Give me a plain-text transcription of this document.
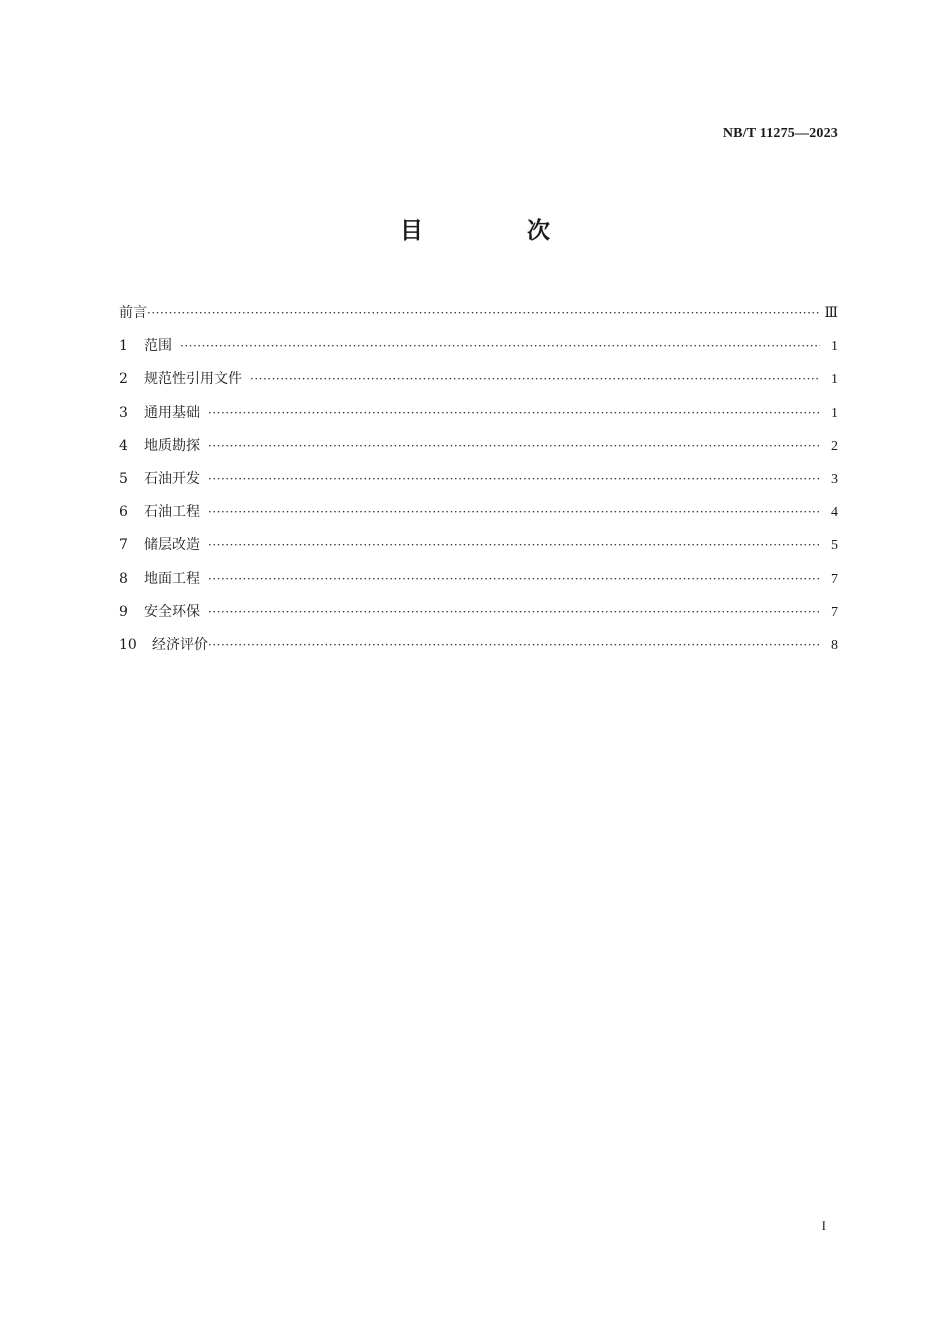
NB/T 11275—2023
目 次
前言 ·····	Ⅲ
1	范围 ·····	1
2	规范性引用文件 ·····	1
3	通用基础 ·····	1
4	地质勘探 ·····	2
5	石油开发 ·····	3
6	石油工程 ·····	4
7	储层改造 ·····	5
8	地面工程 ·····	7
9	安全环保 ·····	7
10	经济评价 ·····	8
I
